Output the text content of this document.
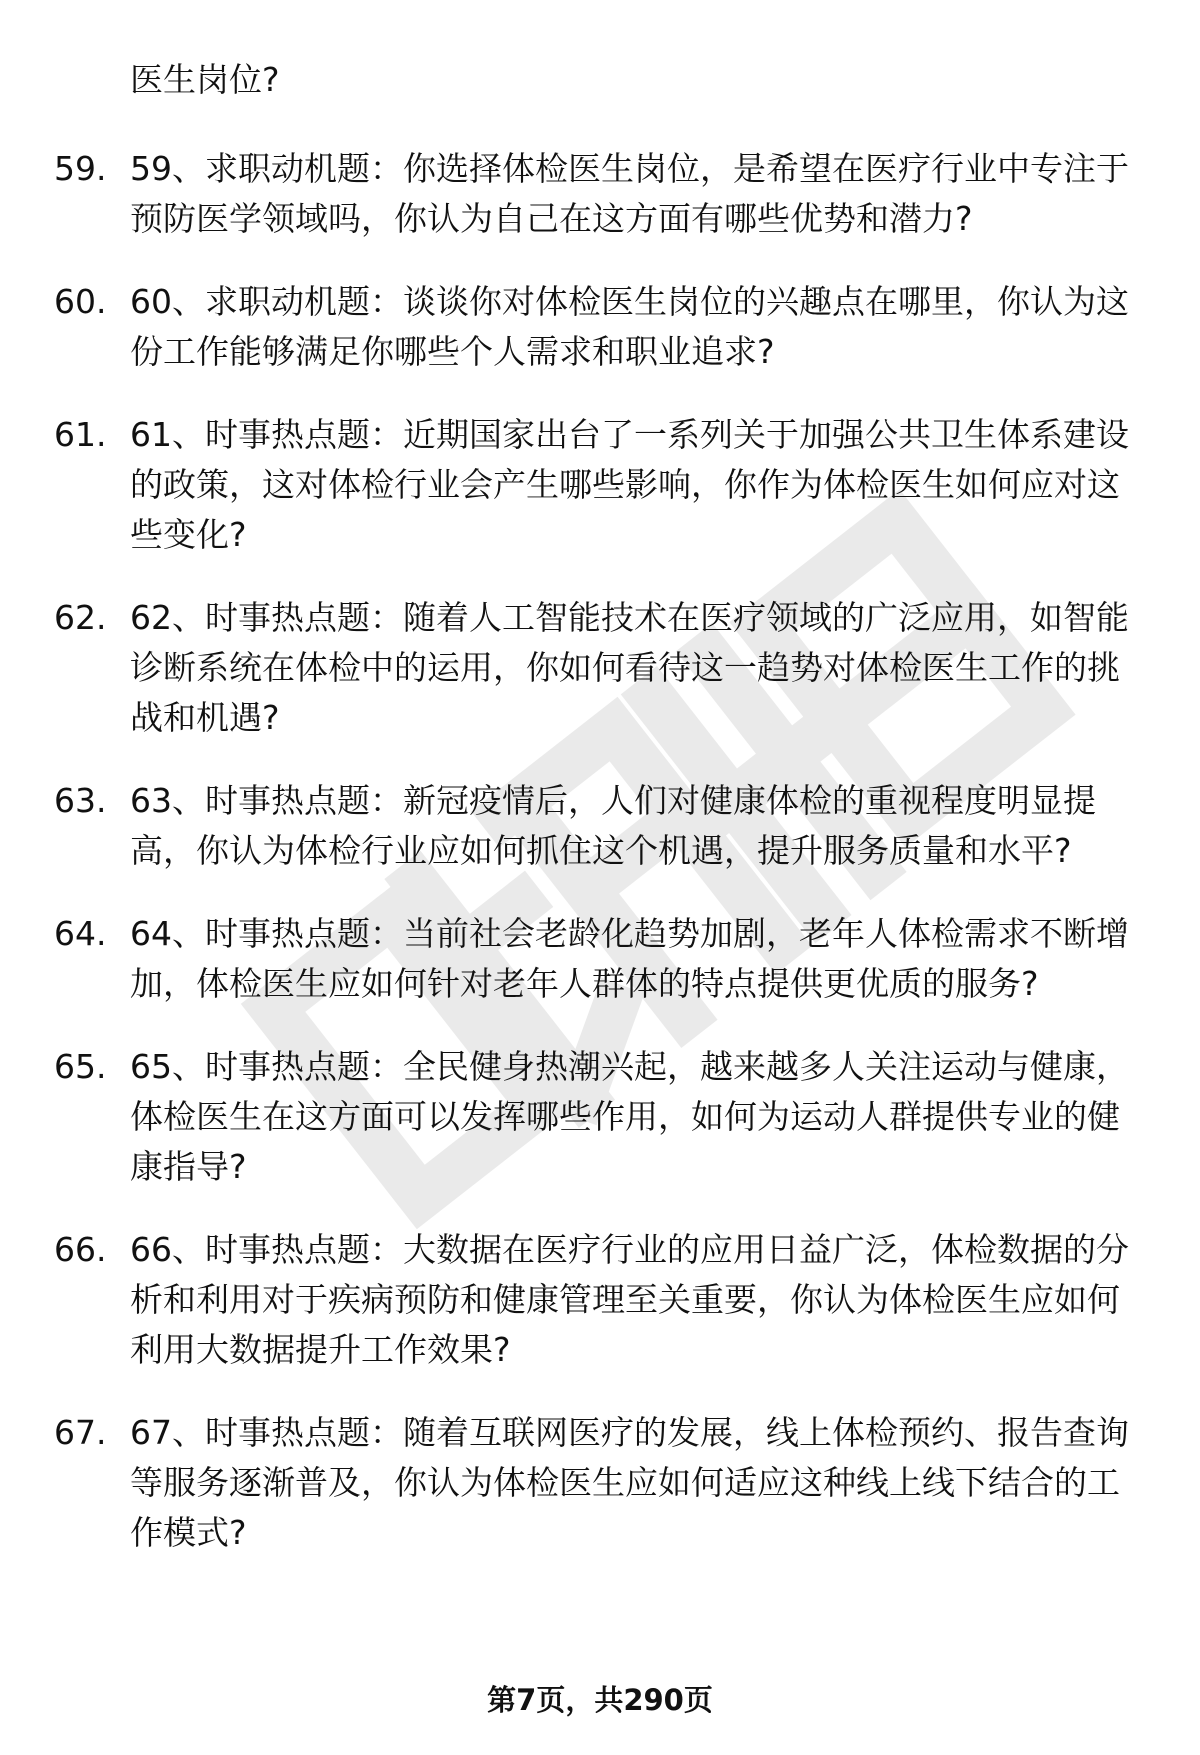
医生岗位?
59. 59、求职动机题：你选择体检医生岗位，是希望在医疗行业中专注于预防医学领域吗，你认为自己在这方面有哪些优势和潜力?
60. 60、求职动机题：谈谈你对体检医生岗位的兴趣点在哪里，你认为这份工作能够满足你哪些个人需求和职业追求?
61. 61、时事热点题：近期国家出台了一系列关于加强公共卫生体系建设的政策，这对体检行业会产生哪些影响，你作为体检医生如何应对这些变化?
62. 62、时事热点题：随着人工智能技术在医疗领域的广泛应用，如智能诊断系统在体检中的运用，你如何看待这一趋势对体检医生工作的挑战和机遇?
63. 63、时事热点题：新冠疫情后，人们对健康体检的重视程度明显提高，你认为体检行业应如何抓住这个机遇，提升服务质量和水平?
64. 64、时事热点题：当前社会老龄化趋势加剧，老年人体检需求不断增加，体检医生应如何针对老年人群体的特点提供更优质的服务?
65. 65、时事热点题：全民健身热潮兴起，越来越多人关注运动与健康，体检医生在这方面可以发挥哪些作用，如何为运动人群提供专业的健康指导?
66. 66、时事热点题：大数据在医疗行业的应用日益广泛，体检数据的分析和利用对于疾病预防和健康管理至关重要，你认为体检医生应如何利用大数据提升工作效果?
67. 67、时事热点题：随着互联网医疗的发展，线上体检预约、报告查询等服务逐渐普及，你认为体检医生应如何适应这种线上线下结合的工作模式?
第7页，共290页
